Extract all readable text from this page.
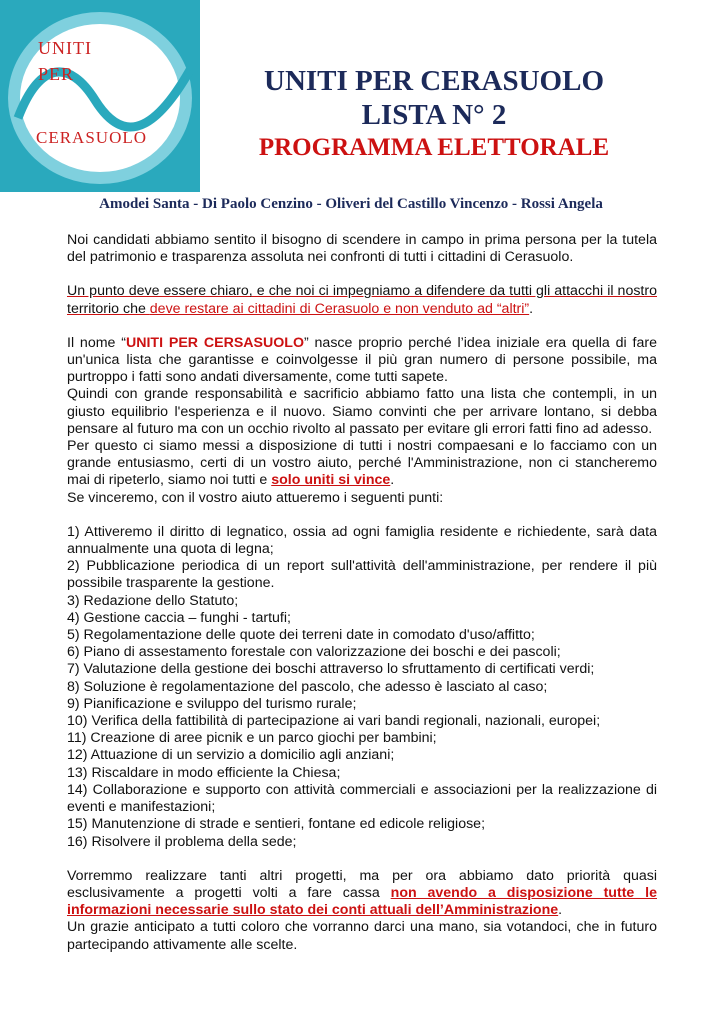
UNITI
PER
CERASUOLO
UNITI PER CERASUOLO
LISTA N° 2
PROGRAMMA ELETTORALE
Amodei Santa - Di Paolo Cenzino - Oliveri del Castillo Vincenzo - Rossi Angela

Noi candidati abbiamo sentito il bisogno di scendere in campo in prima persona per la tutela del patrimonio e trasparenza assoluta nei confronti di tutti i cittadini di Cerasuolo.

Un punto deve essere chiaro, e che noi ci impegniamo a difendere da tutti gli attacchi il nostro territorio che deve restare ai cittadini di Cerasuolo e non venduto ad “altri”.

Il nome “UNITI PER CERSASUOLO” nasce proprio perché l’idea iniziale era quella di fare un'unica lista che garantisse e coinvolgesse il più gran numero di persone possibile, ma purtroppo i fatti sono andati diversamente, come tutti sapete.

Quindi con grande responsabilità e sacrificio abbiamo fatto una lista che contempli, in un giusto equilibrio l'esperienza e il nuovo. Siamo convinti che per arrivare lontano, si debba pensare al futuro ma con un occhio rivolto al passato per evitare gli errori fatti fino ad adesso.

Per questo ci siamo messi a disposizione di tutti i nostri compaesani e lo facciamo con un grande entusiasmo, certi di un vostro aiuto, perché l'Amministrazione, non ci stancheremo mai di ripeterlo, siamo noi tutti e solo uniti si vince.

Se vinceremo, con il vostro aiuto attueremo i seguenti punti:

1) Attiveremo il diritto di legnatico, ossia ad ogni famiglia residente e richiedente, sarà data annualmente una quota di legna;

2) Pubblicazione periodica di un report sull'attività dell'amministrazione, per rendere il più possibile trasparente la gestione.

3) Redazione dello Statuto;

4) Gestione caccia – funghi - tartufi;

5) Regolamentazione delle quote dei terreni date in comodato d'uso/affitto;

6) Piano di assestamento forestale con valorizzazione dei boschi e dei pascoli;

7) Valutazione della gestione dei boschi attraverso lo sfruttamento di certificati verdi;

8) Soluzione è regolamentazione del pascolo, che adesso è lasciato al caso;

9) Pianificazione e sviluppo del turismo rurale;

10) Verifica della fattibilità di partecipazione ai vari bandi regionali, nazionali, europei;

11) Creazione di aree picnik e un parco giochi per bambini;

12) Attuazione di un servizio a domicilio agli anziani;

13) Riscaldare in modo efficiente la Chiesa;

14) Collaborazione e supporto con attività commerciali e associazioni per la realizzazione di eventi e manifestazioni;

15) Manutenzione di strade e sentieri, fontane ed edicole religiose;

16) Risolvere il problema della sede;

Vorremmo realizzare tanti altri progetti, ma per ora abbiamo dato priorità quasi esclusivamente a progetti volti a fare cassa non avendo a disposizione tutte le informazioni necessarie sullo stato dei conti attuali dell’Amministrazione.

Un grazie anticipato a tutti coloro che vorranno darci una mano, sia votandoci, che in futuro partecipando attivamente alle scelte.
